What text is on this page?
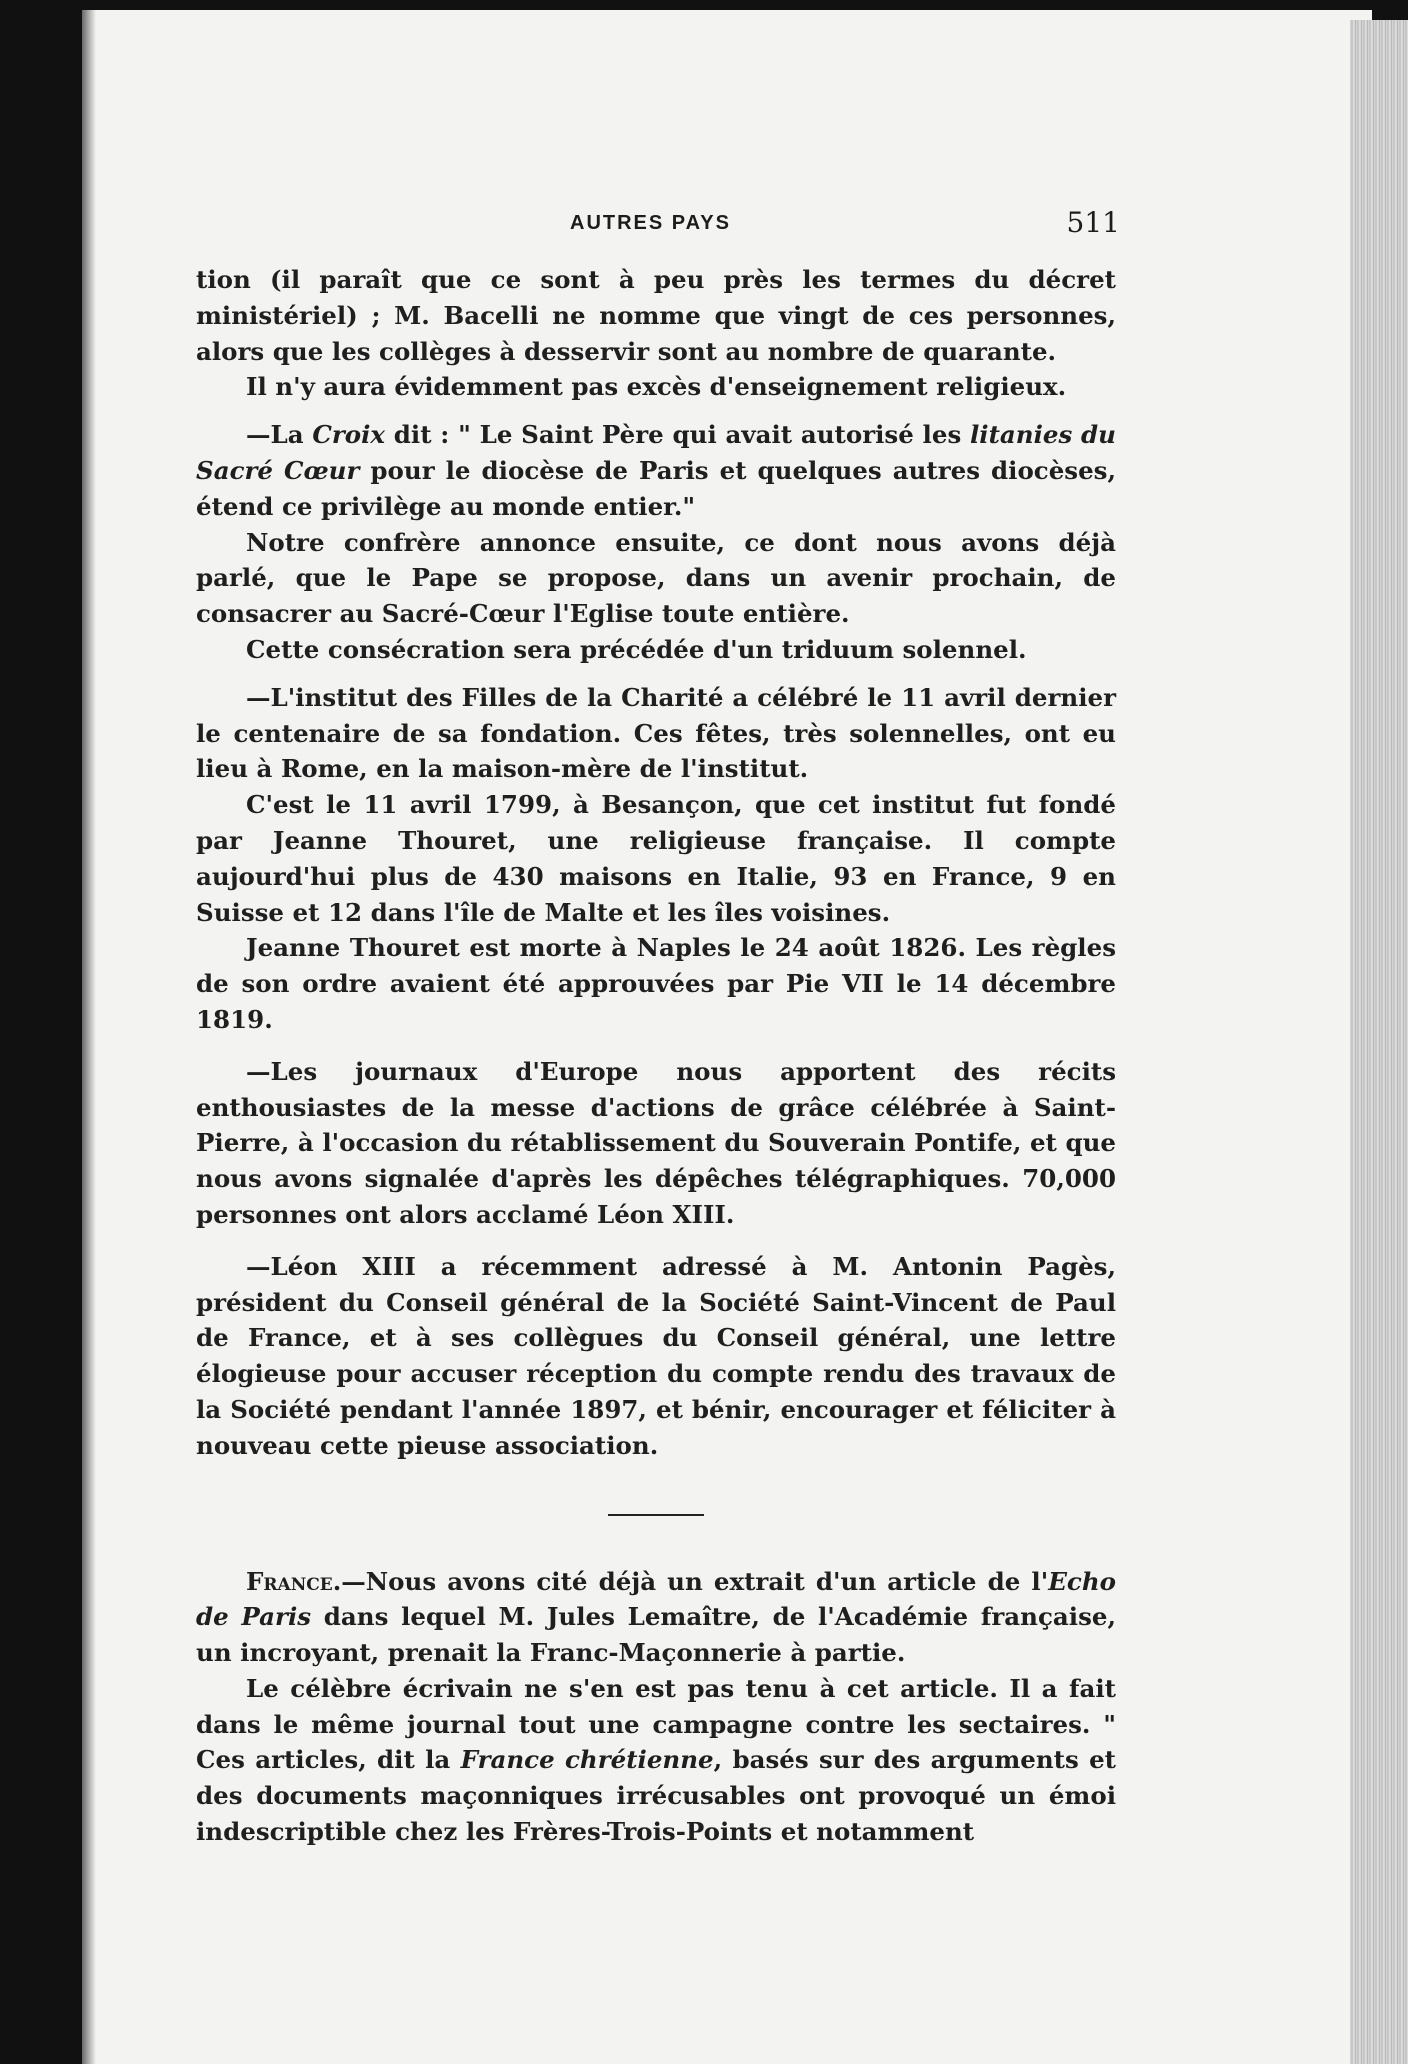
AUTRES PAYS	511

tion (il paraît que ce sont à peu près les termes du décret ministériel) ; M. Bacelli ne nomme que vingt de ces personnes, alors que les collèges à desservir sont au nombre de quarante.

Il n'y aura évidemment pas excès d'enseignement religieux.

—La Croix dit : " Le Saint Père qui avait autorisé les litanies du Sacré Cœur pour le diocèse de Paris et quelques autres diocèses, étend ce privilège au monde entier."

Notre confrère annonce ensuite, ce dont nous avons déjà parlé, que le Pape se propose, dans un avenir prochain, de consacrer au Sacré-Cœur l'Eglise toute entière.

Cette consécration sera précédée d'un triduum solennel.

—L'institut des Filles de la Charité a célébré le 11 avril dernier le centenaire de sa fondation. Ces fêtes, très solennelles, ont eu lieu à Rome, en la maison-mère de l'institut.

C'est le 11 avril 1799, à Besançon, que cet institut fut fondé par Jeanne Thouret, une religieuse française. Il compte aujourd'hui plus de 430 maisons en Italie, 93 en France, 9 en Suisse et 12 dans l'île de Malte et les îles voisines.

Jeanne Thouret est morte à Naples le 24 août 1826. Les règles de son ordre avaient été approuvées par Pie VII le 14 décembre 1819.

—Les journaux d'Europe nous apportent des récits enthousiastes de la messe d'actions de grâce célébrée à Saint-Pierre, à l'occasion du rétablissement du Souverain Pontife, et que nous avons signalée d'après les dépêches télégraphiques. 70,000 personnes ont alors acclamé Léon XIII.

—Léon XIII a récemment adressé à M. Antonin Pagès, président du Conseil général de la Société Saint-Vincent de Paul de France, et à ses collègues du Conseil général, une lettre élogieuse pour accuser réception du compte rendu des travaux de la Société pendant l'année 1897, et bénir, encourager et féliciter à nouveau cette pieuse association.

France.—Nous avons cité déjà un extrait d'un article de l'Echo de Paris dans lequel M. Jules Lemaître, de l'Académie française, un incroyant, prenait la Franc-Maçonnerie à partie.

Le célèbre écrivain ne s'en est pas tenu à cet article. Il a fait dans le même journal tout une campagne contre les sectaires. " Ces articles, dit la France chrétienne, basés sur des arguments et des documents maçonniques irrécusables ont provoqué un émoi indescriptible chez les Frères-Trois-Points et notamment
